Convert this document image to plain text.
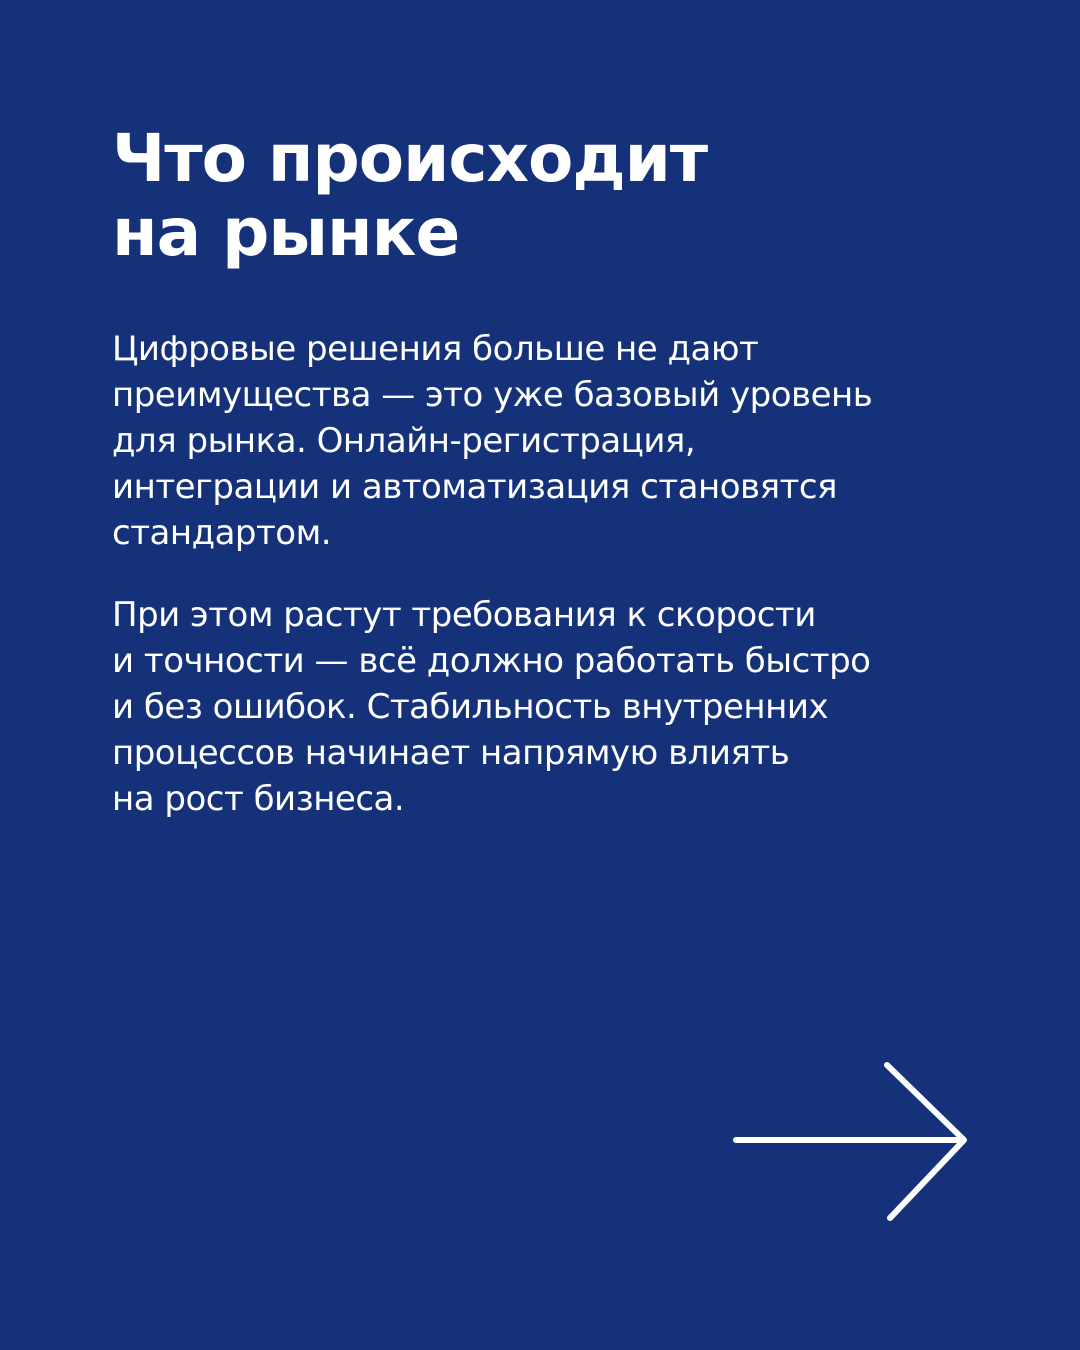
Что происходит
на рынке

Цифровые решения больше не дают
преимущества — это уже базовый уровень
для рынка. Онлайн-регистрация,
интеграции и автоматизация становятся
стандартом.

При этом растут требования к скорости
и точности — всё должно работать быстро
и без ошибок. Стабильность внутренних
процессов начинает напрямую влиять
на рост бизнеса.
